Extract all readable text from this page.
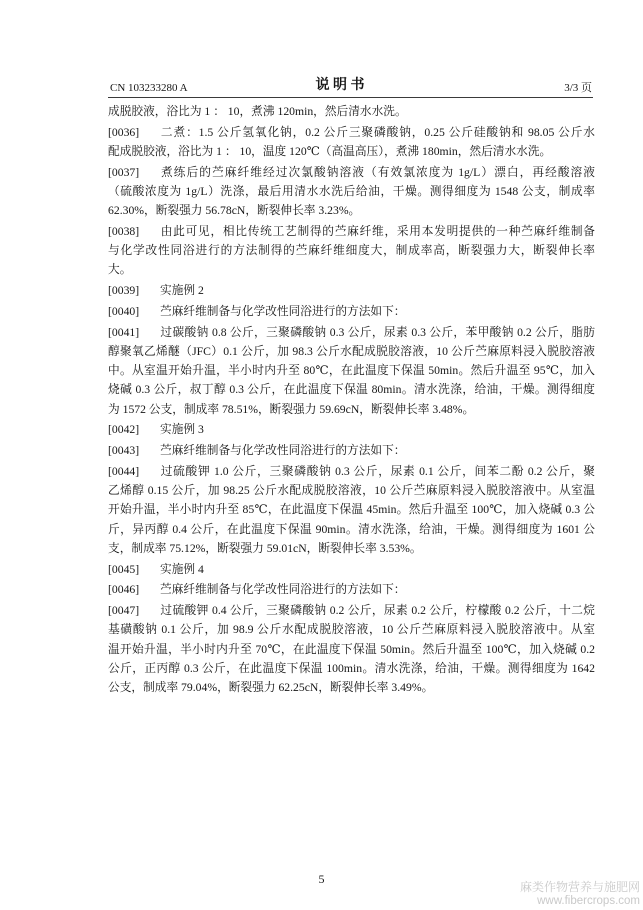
CN 103233280 A	说 明 书	3/3 页
成脱胶液，浴比为 1 ： 10，煮沸 120min，然后清水水洗。
[0036] 二煮：1.5 公斤氢氧化钠，0.2 公斤三聚磷酸钠，0.25 公斤硅酸钠和 98.05 公斤水
配成脱胶液，浴比为 1 ： 10，温度 120℃（高温高压），煮沸 180min，然后清水水洗。
[0037] 煮练后的苎麻纤维经过次氯酸钠溶液（有效氯浓度为 1g/L）漂白，再经酸溶液
（硫酸浓度为 1g/L）洗涤，最后用清水水洗后给油，干燥。测得细度为 1548 公支，制成率
62.30%，断裂强力 56.78cN，断裂伸长率 3.23%。
[0038] 由此可见，相比传统工艺制得的苎麻纤维，采用本发明提供的一种苎麻纤维制备
与化学改性同浴进行的方法制得的苎麻纤维细度大，制成率高，断裂强力大，断裂伸长率
大。
[0039] 实施例 2
[0040] 苎麻纤维制备与化学改性同浴进行的方法如下：
[0041] 过碳酸钠 0.8 公斤，三聚磷酸钠 0.3 公斤，尿素 0.3 公斤，苯甲酸钠 0.2 公斤，脂肪
醇聚氧乙烯醚（JFC）0.1 公斤，加 98.3 公斤水配成脱胶溶液，10 公斤苎麻原料浸入脱胶溶液
中。从室温开始升温，半小时内升至 80℃，在此温度下保温 50min。然后升温至 95℃，加入
烧碱 0.3 公斤，叔丁醇 0.3 公斤，在此温度下保温 80min。清水洗涤，给油，干燥。测得细度
为 1572 公支，制成率 78.51%，断裂强力 59.69cN，断裂伸长率 3.48%。
[0042] 实施例 3
[0043] 苎麻纤维制备与化学改性同浴进行的方法如下：
[0044] 过硫酸钾 1.0 公斤，三聚磷酸钠 0.3 公斤，尿素 0.1 公斤，间苯二酚 0.2 公斤，聚
乙烯醇 0.15 公斤，加 98.25 公斤水配成脱胶溶液，10 公斤苎麻原料浸入脱胶溶液中。从室温
开始升温，半小时内升至 85℃，在此温度下保温 45min。然后升温至 100℃，加入烧碱 0.3 公
斤，异丙醇 0.4 公斤，在此温度下保温 90min。清水洗涤，给油，干燥。测得细度为 1601 公
支，制成率 75.12%，断裂强力 59.01cN，断裂伸长率 3.53%。
[0045] 实施例 4
[0046] 苎麻纤维制备与化学改性同浴进行的方法如下：
[0047] 过硫酸钾 0.4 公斤，三聚磷酸钠 0.2 公斤，尿素 0.2 公斤，柠檬酸 0.2 公斤，十二烷
基磺酸钠 0.1 公斤，加 98.9 公斤水配成脱胶溶液，10 公斤苎麻原料浸入脱胶溶液中。从室
温开始升温，半小时内升至 70℃，在此温度下保温 50min。然后升温至 100℃，加入烧碱 0.2
公斤，正丙醇 0.3 公斤，在此温度下保温 100min。清水洗涤，给油，干燥。测得细度为 1642
公支，制成率 79.04%，断裂强力 62.25cN，断裂伸长率 3.49%。
5
麻类作物营养与施肥网
www.fibercrops.com
